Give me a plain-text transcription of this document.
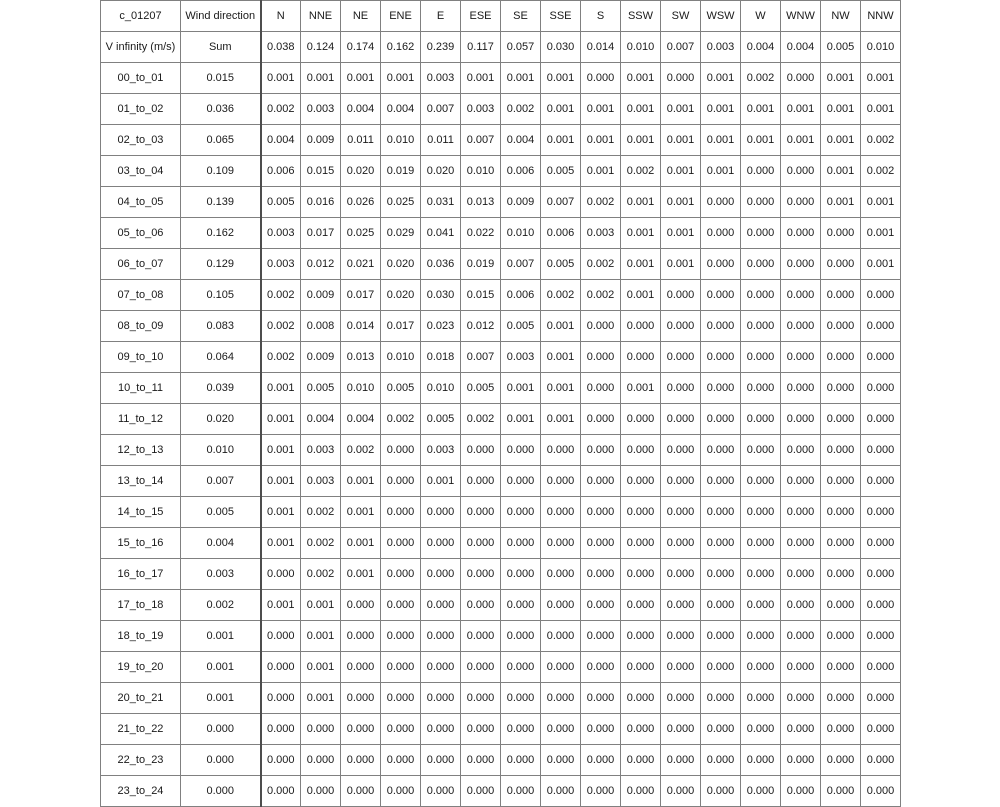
c_01207	Wind direction	N	NNE	NE	ENE	E	ESE	SE	SSE	S	SSW	SW	WSW	W	WNW	NW	NNW
V infinity (m/s)	Sum	0.038	0.124	0.174	0.162	0.239	0.117	0.057	0.030	0.014	0.010	0.007	0.003	0.004	0.004	0.005	0.010
00_to_01	0.015	0.001	0.001	0.001	0.001	0.003	0.001	0.001	0.001	0.000	0.001	0.000	0.001	0.002	0.000	0.001	0.001
01_to_02	0.036	0.002	0.003	0.004	0.004	0.007	0.003	0.002	0.001	0.001	0.001	0.001	0.001	0.001	0.001	0.001	0.001
02_to_03	0.065	0.004	0.009	0.011	0.010	0.011	0.007	0.004	0.001	0.001	0.001	0.001	0.001	0.001	0.001	0.001	0.002
03_to_04	0.109	0.006	0.015	0.020	0.019	0.020	0.010	0.006	0.005	0.001	0.002	0.001	0.001	0.000	0.000	0.001	0.002
04_to_05	0.139	0.005	0.016	0.026	0.025	0.031	0.013	0.009	0.007	0.002	0.001	0.001	0.000	0.000	0.000	0.001	0.001
05_to_06	0.162	0.003	0.017	0.025	0.029	0.041	0.022	0.010	0.006	0.003	0.001	0.001	0.000	0.000	0.000	0.000	0.001
06_to_07	0.129	0.003	0.012	0.021	0.020	0.036	0.019	0.007	0.005	0.002	0.001	0.001	0.000	0.000	0.000	0.000	0.001
07_to_08	0.105	0.002	0.009	0.017	0.020	0.030	0.015	0.006	0.002	0.002	0.001	0.000	0.000	0.000	0.000	0.000	0.000
08_to_09	0.083	0.002	0.008	0.014	0.017	0.023	0.012	0.005	0.001	0.000	0.000	0.000	0.000	0.000	0.000	0.000	0.000
09_to_10	0.064	0.002	0.009	0.013	0.010	0.018	0.007	0.003	0.001	0.000	0.000	0.000	0.000	0.000	0.000	0.000	0.000
10_to_11	0.039	0.001	0.005	0.010	0.005	0.010	0.005	0.001	0.001	0.000	0.001	0.000	0.000	0.000	0.000	0.000	0.000
11_to_12	0.020	0.001	0.004	0.004	0.002	0.005	0.002	0.001	0.001	0.000	0.000	0.000	0.000	0.000	0.000	0.000	0.000
12_to_13	0.010	0.001	0.003	0.002	0.000	0.003	0.000	0.000	0.000	0.000	0.000	0.000	0.000	0.000	0.000	0.000	0.000
13_to_14	0.007	0.001	0.003	0.001	0.000	0.001	0.000	0.000	0.000	0.000	0.000	0.000	0.000	0.000	0.000	0.000	0.000
14_to_15	0.005	0.001	0.002	0.001	0.000	0.000	0.000	0.000	0.000	0.000	0.000	0.000	0.000	0.000	0.000	0.000	0.000
15_to_16	0.004	0.001	0.002	0.001	0.000	0.000	0.000	0.000	0.000	0.000	0.000	0.000	0.000	0.000	0.000	0.000	0.000
16_to_17	0.003	0.000	0.002	0.001	0.000	0.000	0.000	0.000	0.000	0.000	0.000	0.000	0.000	0.000	0.000	0.000	0.000
17_to_18	0.002	0.001	0.001	0.000	0.000	0.000	0.000	0.000	0.000	0.000	0.000	0.000	0.000	0.000	0.000	0.000	0.000
18_to_19	0.001	0.000	0.001	0.000	0.000	0.000	0.000	0.000	0.000	0.000	0.000	0.000	0.000	0.000	0.000	0.000	0.000
19_to_20	0.001	0.000	0.001	0.000	0.000	0.000	0.000	0.000	0.000	0.000	0.000	0.000	0.000	0.000	0.000	0.000	0.000
20_to_21	0.001	0.000	0.001	0.000	0.000	0.000	0.000	0.000	0.000	0.000	0.000	0.000	0.000	0.000	0.000	0.000	0.000
21_to_22	0.000	0.000	0.000	0.000	0.000	0.000	0.000	0.000	0.000	0.000	0.000	0.000	0.000	0.000	0.000	0.000	0.000
22_to_23	0.000	0.000	0.000	0.000	0.000	0.000	0.000	0.000	0.000	0.000	0.000	0.000	0.000	0.000	0.000	0.000	0.000
23_to_24	0.000	0.000	0.000	0.000	0.000	0.000	0.000	0.000	0.000	0.000	0.000	0.000	0.000	0.000	0.000	0.000	0.000
